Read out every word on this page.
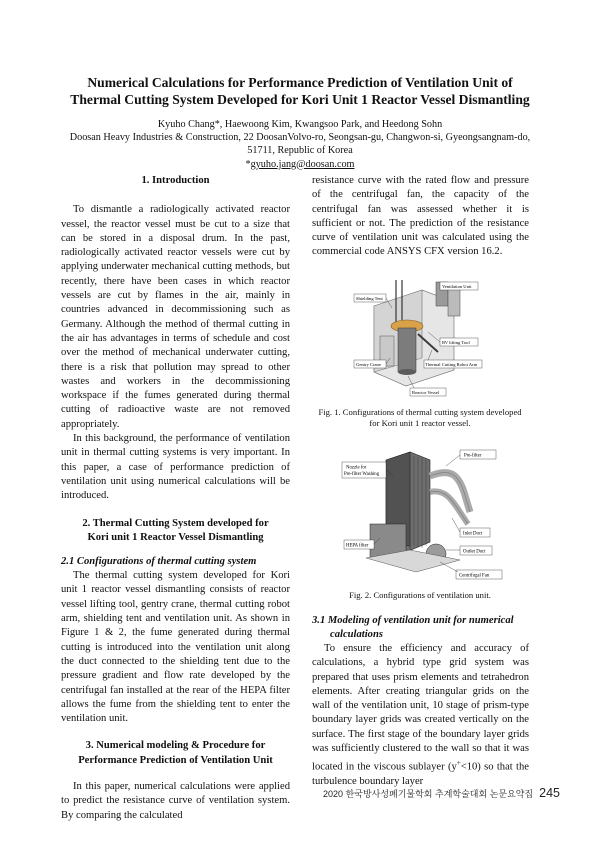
Numerical Calculations for Performance Prediction of Ventilation Unit of
Thermal Cutting System Developed for Kori Unit 1 Reactor Vessel Dismantling
Kyuho Chang*, Haewoong Kim, Kwangsoo Park, and Heedong Sohn
Doosan Heavy Industries & Construction, 22 DoosanVolvo-ro, Seongsan-gu, Changwon-si, Gyeongsangnam-do,
51711, Republic of Korea
*gyuho.jang@doosan.com
1. Introduction

To dismantle a radiologically activated reactor vessel, the reactor vessel must be cut to a size that can be stored in a disposal drum. In the past, radiologically activated reactor vessels were cut by applying underwater mechanical cutting methods, but recently, there have been cases in which reactor vessels are cut by flames in the air, mainly in countries advanced in decommissioning such as Germany. Although the method of thermal cutting in the air has advantages in terms of schedule and cost over the method of mechanical underwater cutting, there is a risk that pollution may spread to other wastes and workers in the decommissioning workspace if the fumes generated during thermal cutting of radioactive waste are not removed appropriately.

In this background, the performance of ventilation unit in thermal cutting systems is very important. In this paper, a case of performance prediction of ventilation unit using numerical calculations will be introduced.

2. Thermal Cutting System developed for
Kori unit 1 Reactor Vessel Dismantling
2.1 Configurations of thermal cutting system

The thermal cutting system developed for Kori unit 1 reactor vessel dismantling consists of reactor vessel lifting tool, gentry crane, thermal cutting robot arm, shielding tent and ventilation unit. As shown in Figure 1 & 2, the fume generated during thermal cutting is introduced into the ventilation unit along the duct connected to the shielding tent due to the pressure gradient and flow rate developed by the centrifugal fan installed at the rear of the HEPA filter allows the fume from the shielding tent to enter the ventilation unit.

3. Numerical modeling & Procedure for
Performance Prediction of Ventilation Unit

In this paper, numerical calculations were applied to predict the resistance curve of ventilation system. By comparing the calculated

resistance curve with the rated flow and pressure of the centrifugal fan, the capacity of the centrifugal fan was assessed whether it is sufficient or not. The prediction of the resistance curve of ventilation unit was calculated using the commercial code ANSYS CFX version 16.2.

Ventilation Unit
Shielding Tent
RV lifting Tool
Gentry Crane	Thermal Cutting Robot Arm
Reactor Vessel
Fig. 1. Configurations of thermal cutting system developed
for Kori unit 1 reactor vessel.
Pre-filter
Nozzle for
Pre-filter Washing
Inlet Duct
HEPA filter
Outlet Duct
Centrifugal Fan
Fig. 2. Configurations of ventilation unit.
3.1 Modeling of ventilation unit for numerical
calculations

To ensure the efficiency and accuracy of calculations, a hybrid type grid system was prepared that uses prism elements and tetrahedron elements. After creating triangular grids on the wall of the ventilation unit, 10 stage of prism-type boundary layer grids was created vertically on the surface. The first stage of the boundary layer grids was sufficiently clustered to the wall so that it was located in the viscous sublayer (y+<10) so that the turbulence boundary layer

2020 한국방사성폐기물학회 추계학술대회 논문요약집 245
